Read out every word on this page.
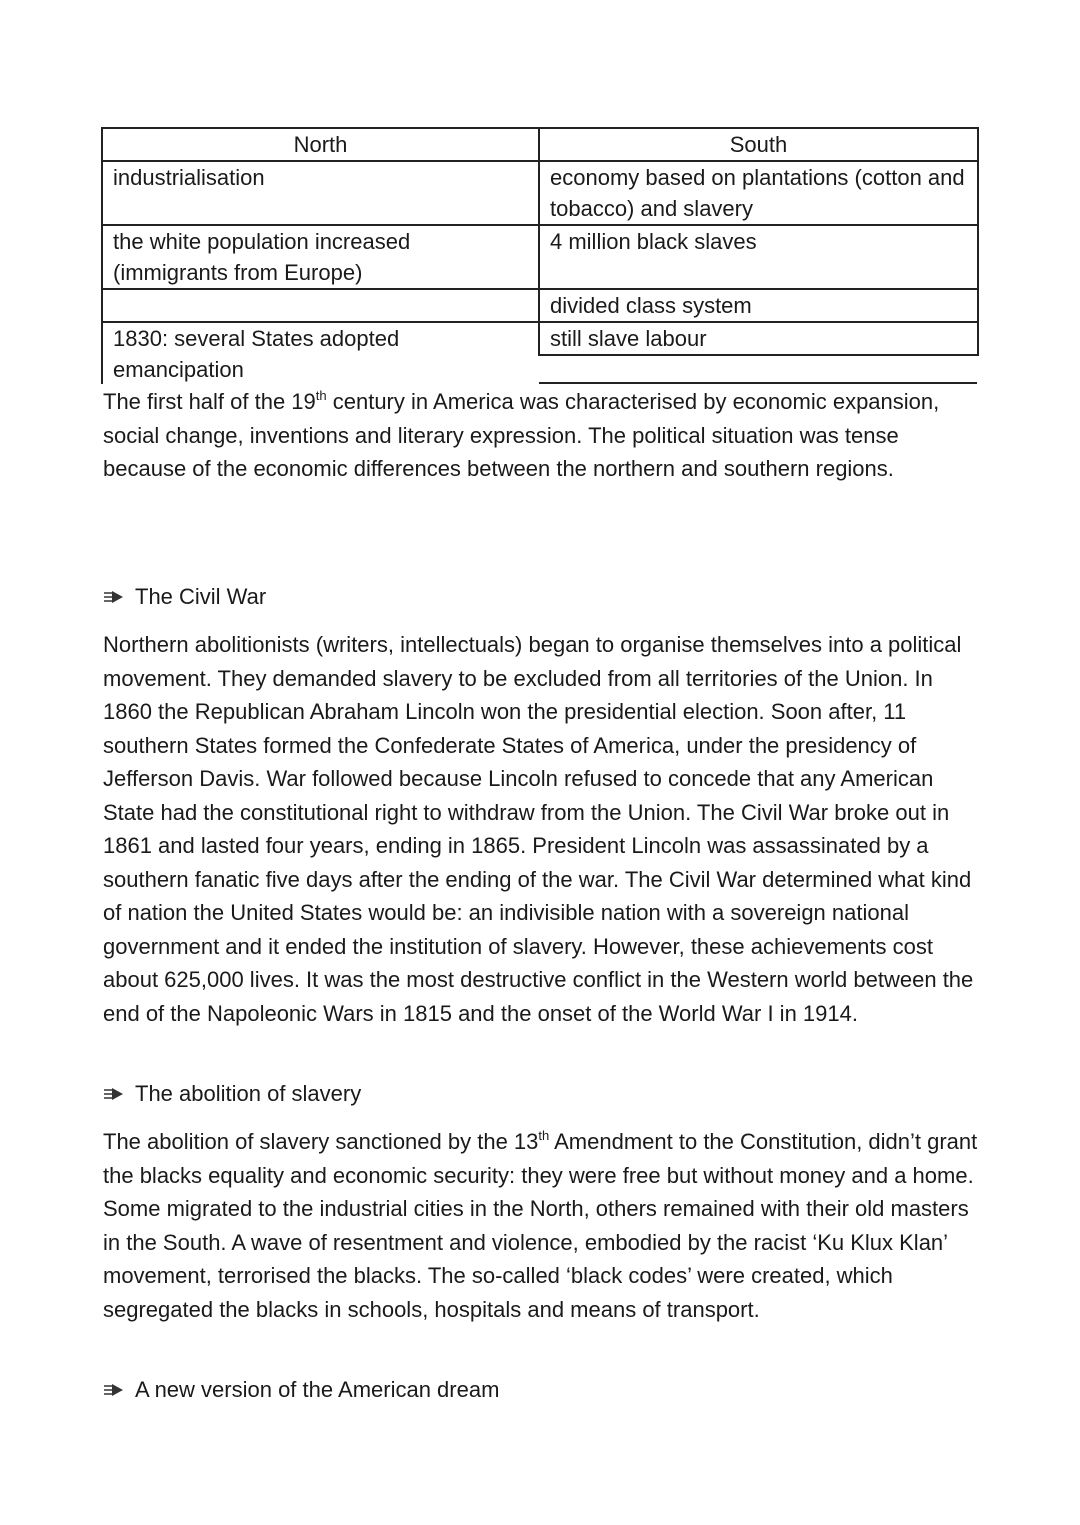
North	South
industrialisation	economy based on plantations (cotton and tobacco) and slavery
the white population increased (immigrants from Europe)	4 million black slaves
	divided class system

1830: several States adopted emancipation	still slave labour

The first half of the 19th century in America was characterised by economic expansion, social change, inventions and literary expression. The political situation was tense because of the economic differences between the northern and southern regions.

The Civil War

Northern abolitionists (writers, intellectuals) began to organise themselves into a political movement. They demanded slavery to be excluded from all territories of the Union. In 1860 the Republican Abraham Lincoln won the presidential election. Soon after, 11 southern States formed the Confederate States of America, under the presidency of Jefferson Davis. War followed because Lincoln refused to concede that any American State had the constitutional right to withdraw from the Union. The Civil War broke out in 1861 and lasted four years, ending in 1865. President Lincoln was assassinated by a southern fanatic five days after the ending of the war. The Civil War determined what kind of nation the United States would be: an indivisible nation with a sovereign national government and it ended the institution of slavery. However, these achievements cost about 625,000 lives. It was the most destructive conflict in the Western world between the end of the Napoleonic Wars in 1815 and the onset of the World War I in 1914.

The abolition of slavery

The abolition of slavery sanctioned by the 13th Amendment to the Constitution, didn’t grant the blacks equality and economic security: they were free but without money and a home. Some migrated to the industrial cities in the North, others remained with their old masters in the South. A wave of resentment and violence, embodied by the racist ‘Ku Klux Klan’ movement, terrorised the blacks. The so-called ‘black codes’ were created, which segregated the blacks in schools, hospitals and means of transport.

A new version of the American dream
